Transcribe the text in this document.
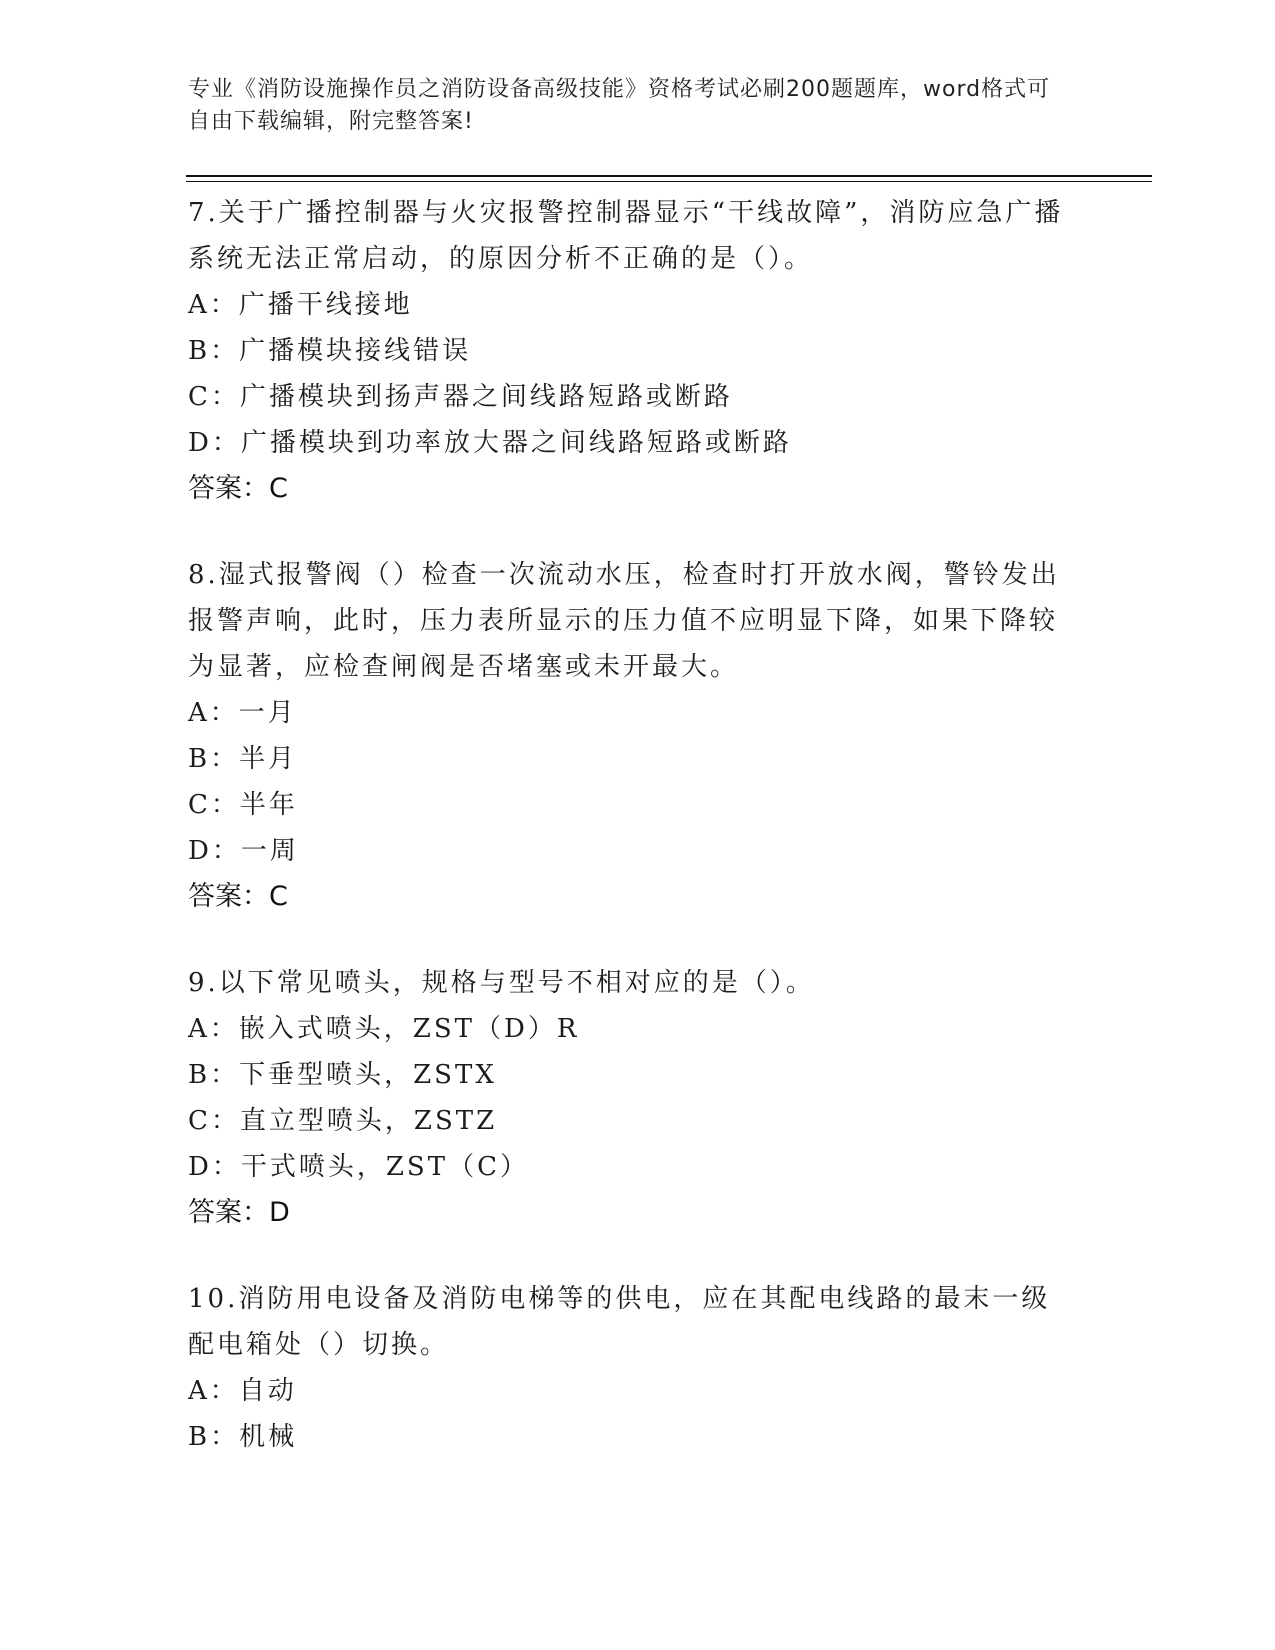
专业《消防设施操作员之消防设备高级技能》资格考试必刷200题题库，word格式可自由下载编辑，附完整答案!

7.关于广播控制器与火灾报警控制器显示“干线故障”，消防应急广播系统无法正常启动，的原因分析不正确的是（）。

A：广播干线接地

B：广播模块接线错误

C：广播模块到扬声器之间线路短路或断路

D：广播模块到功率放大器之间线路短路或断路

答案：C

8.湿式报警阀（）检查一次流动水压，检查时打开放水阀，警铃发出报警声响，此时，压力表所显示的压力值不应明显下降，如果下降较为显著，应检查闸阀是否堵塞或未开最大。

A：一月

B：半月

C：半年

D：一周

答案：C

9.以下常见喷头，规格与型号不相对应的是（）。

A：嵌入式喷头，ZST（D）R

B：下垂型喷头，ZSTX

C：直立型喷头，ZSTZ

D：干式喷头，ZST（C）

答案：D

10.消防用电设备及消防电梯等的供电，应在其配电线路的最末一级配电箱处（）切换。

A：自动

B：机械
